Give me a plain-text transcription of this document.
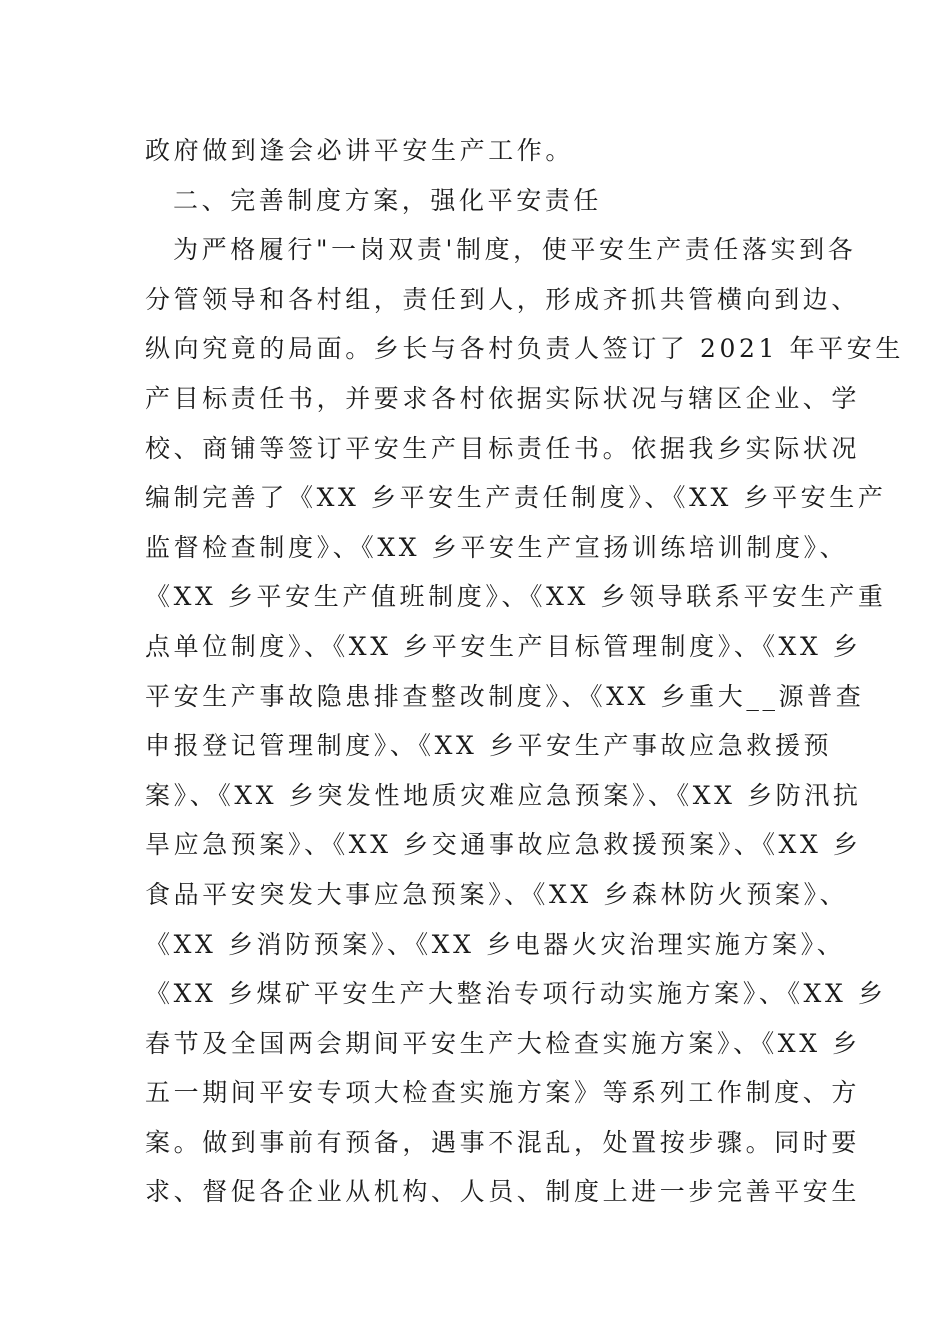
政府做到逢会必讲平安生产工作。
二、完善制度方案，强化平安责任
为严格履行"一岗双责'制度，使平安生产责任落实到各
分管领导和各村组，责任到人，形成齐抓共管横向到边、
纵向究竟的局面。乡长与各村负责人签订了 2021 年平安生
产目标责任书，并要求各村依据实际状况与辖区企业、学
校、商铺等签订平安生产目标责任书。依据我乡实际状况
编制完善了《XX 乡平安生产责任制度》、《XX 乡平安生产
监督检查制度》、《XX 乡平安生产宣扬训练培训制度》、
《XX 乡平安生产值班制度》、《XX 乡领导联系平安生产重
点单位制度》、《XX 乡平安生产目标管理制度》、《XX 乡
平安生产事故隐患排查整改制度》、《XX 乡重大__源普查
申报登记管理制度》、《XX 乡平安生产事故应急救援预
案》、《XX 乡突发性地质灾难应急预案》、《XX 乡防汛抗
旱应急预案》、《XX 乡交通事故应急救援预案》、《XX 乡
食品平安突发大事应急预案》、《XX 乡森林防火预案》、
《XX 乡消防预案》、《XX 乡电器火灾治理实施方案》、
《XX 乡煤矿平安生产大整治专项行动实施方案》、《XX 乡
春节及全国两会期间平安生产大检查实施方案》、《XX 乡
五一期间平安专项大检查实施方案》等系列工作制度、方
案。做到事前有预备，遇事不混乱，处置按步骤。同时要
求、督促各企业从机构、人员、制度上进一步完善平安生
